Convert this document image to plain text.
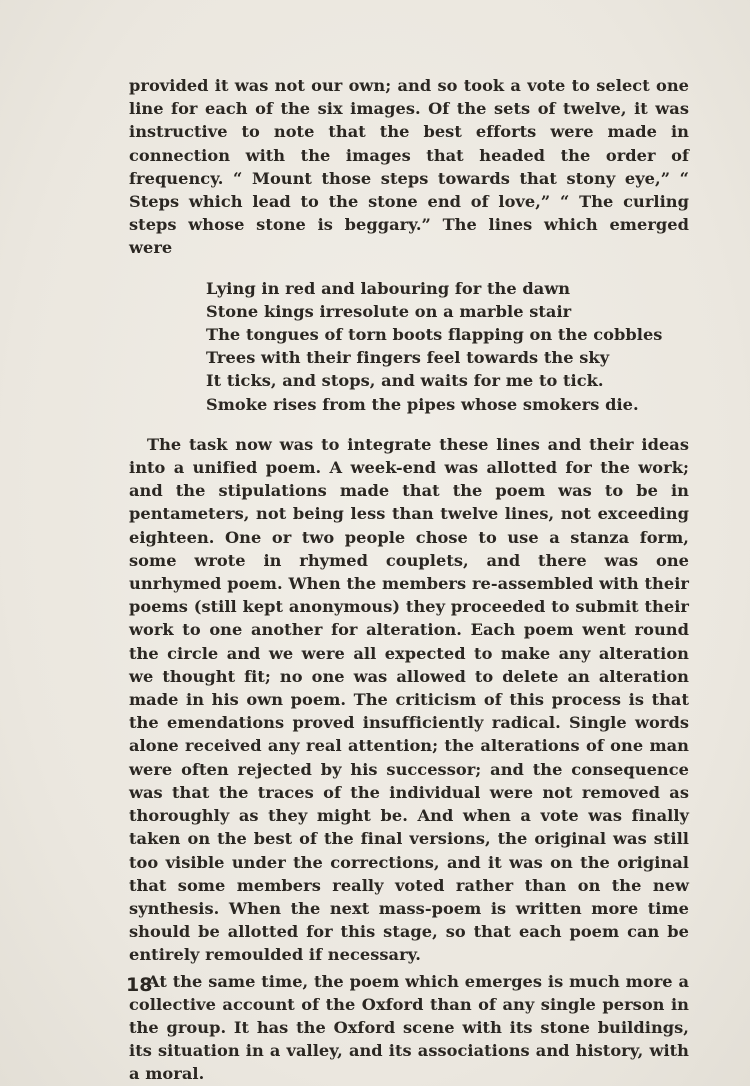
provided it was not our own; and so took a vote to select one line for each of the six images. Of the sets of twelve, it was instructive to note that the best efforts were made in connection with the images that headed the order of frequency. “ Mount those steps towards that stony eye,” “ Steps which lead to the stone end of love,” “ The curling steps whose stone is beggary.” The lines which emerged were

Lying in red and labouring for the dawn
Stone kings irresolute on a marble stair
The tongues of torn boots flapping on the cobbles
Trees with their fingers feel towards the sky
It ticks, and stops, and waits for me to tick.
Smoke rises from the pipes whose smokers die.

The task now was to integrate these lines and their ideas into a unified poem. A week-end was allotted for the work; and the stipulations made that the poem was to be in pentameters, not being less than twelve lines, not exceeding eighteen. One or two people chose to use a stanza form, some wrote in rhymed couplets, and there was one unrhymed poem. When the members re-assembled with their poems (still kept anonymous) they proceeded to submit their work to one another for alteration. Each poem went round the circle and we were all expected to make any alteration we thought fit; no one was allowed to delete an alteration made in his own poem. The criticism of this process is that the emendations proved insufficiently radical. Single words alone received any real attention; the alterations of one man were often rejected by his successor; and the consequence was that the traces of the individual were not removed as thoroughly as they might be. And when a vote was finally taken on the best of the final versions, the original was still too visible under the corrections, and it was on the original that some members really voted rather than on the new synthesis. When the next mass-poem is written more time should be allotted for this stage, so that each poem can be entirely remoulded if necessary.

At the same time, the poem which emerges is much more a collective account of the Oxford than of any single person in the group. It has the Oxford scene with its stone buildings, its situation in a valley, and its associations and history, with a moral.

18
